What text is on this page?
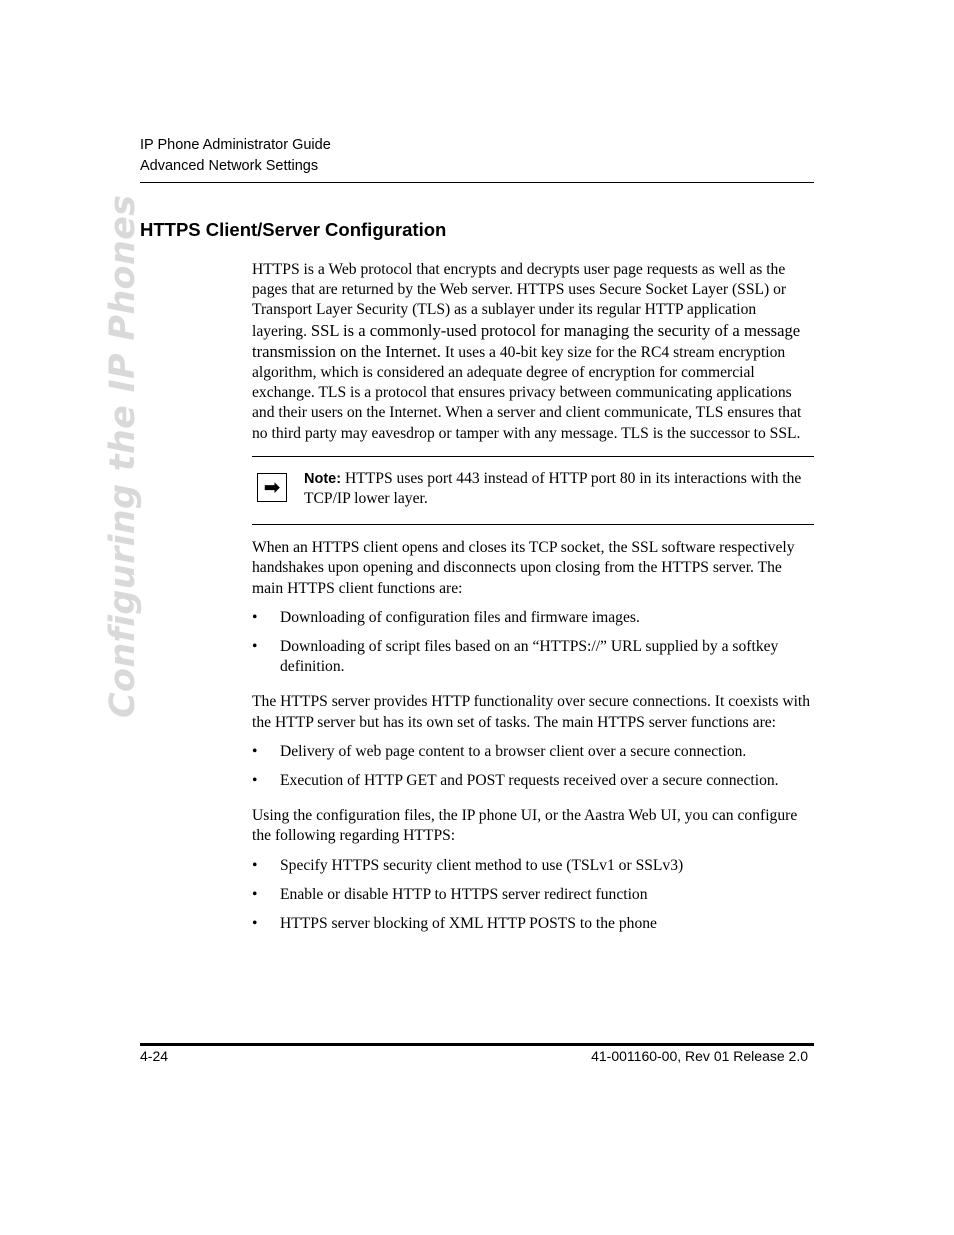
IP Phone Administrator Guide
Advanced Network Settings
Configuring the IP Phones
HTTPS Client/Server Configuration

HTTPS is a Web protocol that encrypts and decrypts user page requests as well as the pages that are returned by the Web server. HTTPS uses Secure Socket Layer (SSL) or Transport Layer Security (TLS) as a sublayer under its regular HTTP application layering. SSL is a commonly-used protocol for managing the security of a message transmission on the Internet. It uses a 40-bit key size for the RC4 stream encryption algorithm, which is considered an adequate degree of encryption for commercial exchange. TLS is a protocol that ensures privacy between communicating applications and their users on the Internet. When a server and client communicate, TLS ensures that no third party may eavesdrop or tamper with any message. TLS is the successor to SSL.

➡	Note: HTTPS uses port 443 instead of HTTP port 80 in its interactions with the TCP/IP lower layer.

When an HTTPS client opens and closes its TCP socket, the SSL software respectively handshakes upon opening and disconnects upon closing from the HTTPS server. The main HTTPS client functions are:

• Downloading of configuration files and firmware images.
• Downloading of script files based on an “HTTPS://” URL supplied by a softkey definition.

The HTTPS server provides HTTP functionality over secure connections. It coexists with the HTTP server but has its own set of tasks. The main HTTPS server functions are:

• Delivery of web page content to a browser client over a secure connection.
• Execution of HTTP GET and POST requests received over a secure connection.

Using the configuration files, the IP phone UI, or the Aastra Web UI, you can configure the following regarding HTTPS:

• Specify HTTPS security client method to use (TSLv1 or SSLv3)
• Enable or disable HTTP to HTTPS server redirect function
• HTTPS server blocking of XML HTTP POSTS to the phone
4-24	41-001160-00, Rev 01 Release 2.0
